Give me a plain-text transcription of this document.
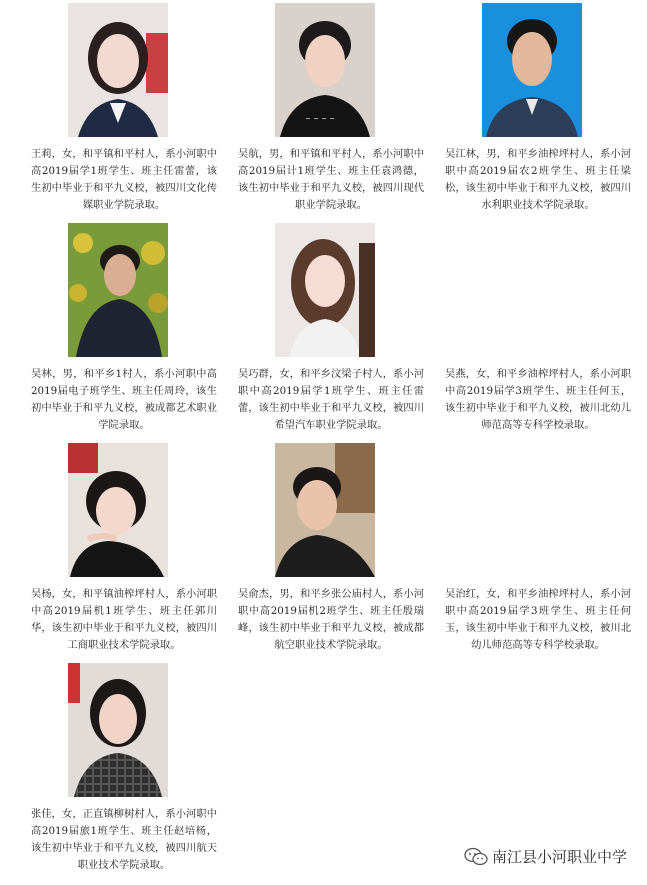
王莉，女，和平镇和平村人，系小河职中高2019届学1班学生、班主任雷蕾，该生初中毕业于和平九义校，被四川文化传媒职业学院录取。
~ ~ ~ ~
吴航，男，和平镇和平村人，系小河职中高2019届计1班学生、班主任袁鸿德，该生初中毕业于和平九义校，被四川现代职业学院录取。
吴江林，男，和平乡油榨坪村人，系小河职中高2019届农2班学生、班主任梁松，该生初中毕业于和平九义校，被四川水利职业技术学院录取。
吴林，男，和平乡1村人，系小河职中高2019届电子班学生、班主任周玲，该生初中毕业于和平九义校，被成都艺术职业学院录取。
吴巧群，女，和平乡汶梁子村人，系小河职中高2019届学1班学生、班主任雷蕾，该生初中毕业于和平九义校，被四川希望汽车职业学院录取。
吴燕，女，和平乡油榨坪村人，系小河职中高2019届学3班学生、班主任何玉，该生初中毕业于和平九义校，被川北幼儿师范高等专科学校录取。
吴杨，女，和平镇油榨坪村人，系小河职中高2019届机1班学生、班主任郭川华，该生初中毕业于和平九义校，被四川工商职业技术学院录取。
吴俞杰，男，和平乡张公庙村人，系小河职中高2019届机2班学生、班主任殷瑞峰，该生初中毕业于和平九义校，被成都航空职业技术学院录取。
吴治红，女，和平乡油榨坪村人，系小河职中高2019届学3班学生、班主任何玉，该生初中毕业于和平九义校，被川北幼儿师范高等专科学校录取。
张佳，女，正直镇柳树村人，系小河职中高2019届旅1班学生、班主任赵培杨，该生初中毕业于和平九义校，被四川航天职业技术学院录取。	南江县小河职业中学
